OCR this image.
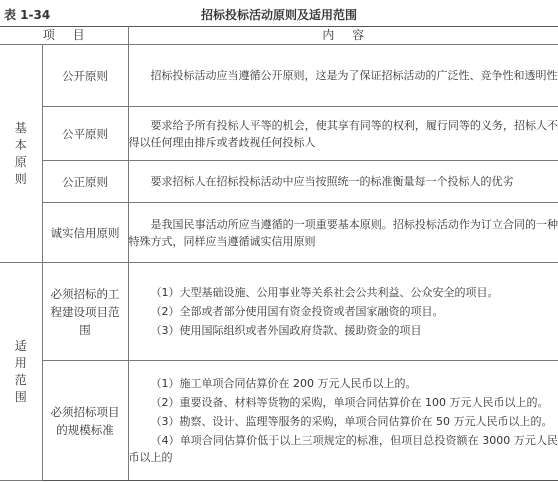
表 1-34	招标投标活动原则及适用范围
项 目		内 容
基本原则	公开原则	招标投标活动应当遵循公开原则，这是为了保证招标活动的广泛性、竞争性和透明性

	公平原则	要求给予所有投标人平等的机会，使其享有同等的权利，履行同等的义务，招标人不得以任何理由排斥或者歧视任何投标人

	公正原则	要求招标人在招标投标活动中应当按照统一的标准衡量每一个投标人的优劣

	诚实信用原则	是我国民事活动所应当遵循的一项重要基本原则。招标投标活动作为订立合同的一种特殊方式，同样应当遵循诚实信用原则

适用范围	必须招标的工程建设项目范围	（1）大型基础设施、公用事业等关系社会公共利益、公众安全的项目。
（2）全部或者部分使用国有资金投资或者国家融资的项目。
（3）使用国际组织或者外国政府贷款、援助资金的项目

	必须招标项目的规模标准	（1）施工单项合同估算价在 200 万元人民币以上的。
（2）重要设备、材料等货物的采购，单项合同估算价在 100 万元人民币以上的。
（3）勘察、设计、监理等服务的采购，单项合同估算价在 50 万元人民币以上的。
（4）单项合同估算价低于以上三项规定的标准，但项目总投资额在 3000 万元人民币以上的
